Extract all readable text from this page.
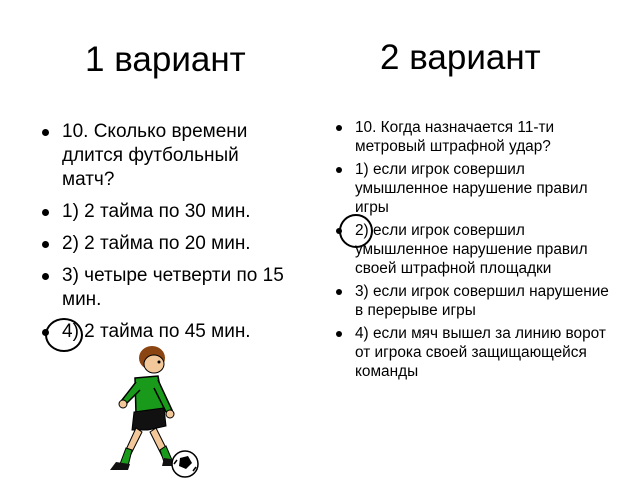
1 вариант	2 вариант
10. Сколько времени длится футбольный матч?
1) 2 тайма по 30 мин.
2) 2 тайма по 20 мин.
3) четыре четверти по 15 мин.
4) 2 тайма по 45 мин.
10. Когда назначается 11-ти метровый штрафной удар?
1) если игрок совершил умышленное нарушение правил игры
2) если игрок совершил умышленное нарушение правил своей штрафной площадки
3) если игрок совершил нарушение в перерыве игры
4) если мяч вышел за линию ворот от игрока своей защищающейся команды
